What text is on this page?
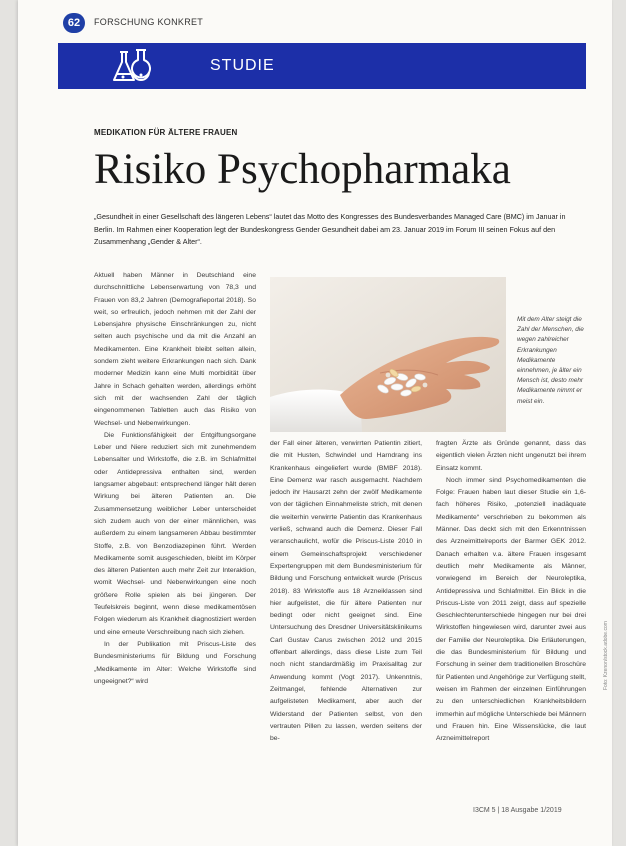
62	FORSCHUNG KONKRET
STUDIE
MEDIKATION FÜR ÄLTERE FRAUEN
Risiko Psychopharmaka
„Gesundheit in einer Gesellschaft des längeren Lebens“ lautet das Motto des Kongresses des Bundesverbandes Managed Care (BMC) im Januar in Berlin. Im Rahmen einer Kooperation legt der Bundeskongress Gender Gesundheit dabei am 23. Januar 2019 im Forum III seinen Fokus auf den Zusammenhang „Gender & Alter“.

Aktuell haben Männer in Deutschland eine durchschnittliche Lebenserwartung von 78,3 und Frauen von 83,2 Jahren (Demografieportal 2018). So weit, so erfreulich, jedoch nehmen mit der Zahl der Lebensjahre physische Einschränkungen zu, nicht selten auch psychische und da mit die Anzahl an Medikamenten. Eine Krankheit bleibt selten allein, sondern zieht weitere Erkrankungen nach sich. Dank moderner Medizin kann eine Multi morbidität über Jahre in Schach gehalten werden, allerdings erhöht sich mit der wachsenden Zahl der täglich eingenommenen Tabletten auch das Risiko von Wechsel- und Nebenwirkungen.

Die Funktionsfähigkeit der Entgiftungsorgane Leber und Niere reduziert sich mit zunehmendem Lebensalter und Wirkstoffe, die z.B. im Schlafmittel oder Antidepressiva enthalten sind, werden langsamer abgebaut: entsprechend länger hält deren Wirkung bei älteren Patienten an. Die Zusammensetzung weiblicher Leber unterscheidet sich zudem auch von der einer männlichen, was außerdem zu einem langsameren Abbau bestimmter Stoffe, z.B. von Benzodiazepinen führt. Werden Medikamente somit ausgeschieden, bleibt im Körper des älteren Patienten auch mehr Zeit zur Interaktion, womit Wechsel- und Nebenwirkungen eine noch größere Rolle spielen als bei jüngeren. Der Teufelskreis beginnt, wenn diese medikamentösen Folgen wiederum als Krankheit diagnostiziert werden und eine erneute Verschreibung nach sich ziehen.

In der Publikation mit Priscus-Liste des Bundesministeriums für Bildung und Forschung „Medikamente im Alter: Welche Wirkstoffe sind ungeeignet?“ wird

Mit dem Alter steigt die Zahl der Menschen, die wegen zahlreicher Erkrankungen Medikamente einnehmen, je älter ein Mensch ist, desto mehr Medikamente nimmt er meist ein.

der Fall einer älteren, verwirrten Patientin zitiert, die mit Husten, Schwindel und Harndrang ins Krankenhaus eingeliefert wurde (BMBF 2018). Eine Demenz war rasch ausgemacht. Nachdem jedoch ihr Hausarzt zehn der zwölf Medikamente von der täglichen Einnahmeliste strich, mit denen die weiterhin verwirrte Patientin das Krankenhaus verließ, schwand auch die Demenz. Dieser Fall veranschaulicht, wofür die Priscus-Liste 2010 in einem Gemeinschaftsprojekt verschiedener Expertengruppen mit dem Bundesministerium für Bildung und Forschung entwickelt wurde (Priscus 2018). 83 Wirkstoffe aus 18 Arzneiklassen sind hier aufgelistet, die für ältere Patienten nur bedingt oder nicht geeignet sind. Eine Untersuchung des Dresdner Universitätsklinikums Carl Gustav Carus zwischen 2012 und 2015 offenbart allerdings, dass diese Liste zum Teil noch nicht standardmäßig im Praxisalltag zur Anwendung kommt (Vogt 2017). Unkenntnis, Zeitmangel, fehlende Alternativen zur aufgelisteten Medikament, aber auch der Widerstand der Patienten selbst, von den vertrauten Pillen zu lassen, werden seitens der be-

fragten Ärzte als Gründe genannt, dass das eigentlich vielen Ärzten nicht ungenutzt bei ihrem Einsatz kommt.

Noch immer sind Psychomedikamenten die Folge: Frauen haben laut dieser Studie ein 1,6-fach höheres Risiko, „potenziell inadäquate Medikamente“ verschrieben zu bekommen als Männer. Das deckt sich mit den Erkenntnissen des Arzneimittelreports der Barmer GEK 2012. Danach erhalten v.a. ältere Frauen insgesamt deutlich mehr Medikamente als Männer, vorwiegend im Bereich der Neuroleptika, Antidepressiva und Schlafmittel. Ein Blick in die Priscus-Liste von 2011 zeigt, dass auf spezielle Geschlechterunterschiede hingegen nur bei drei Wirkstoffen hingewiesen wird, darunter zwei aus der Familie der Neuroleptika. Die Erläuterungen, die das Bundesministerium für Bildung und Forschung in seiner dem traditionellen Broschüre für Patienten und Angehörige zur Verfügung stellt, weisen im Rahmen der einzelnen Einführungen zu den unterschiedlichen Krankheitsbildern immerhin auf mögliche Unterschiede bei Männern und Frauen hin. Eine Wissenslücke, die laut Arzneimittelreport

I3CM 5 | 18 Ausgabe 1/2019
Foto: Kzenon/stock.adobe.com
